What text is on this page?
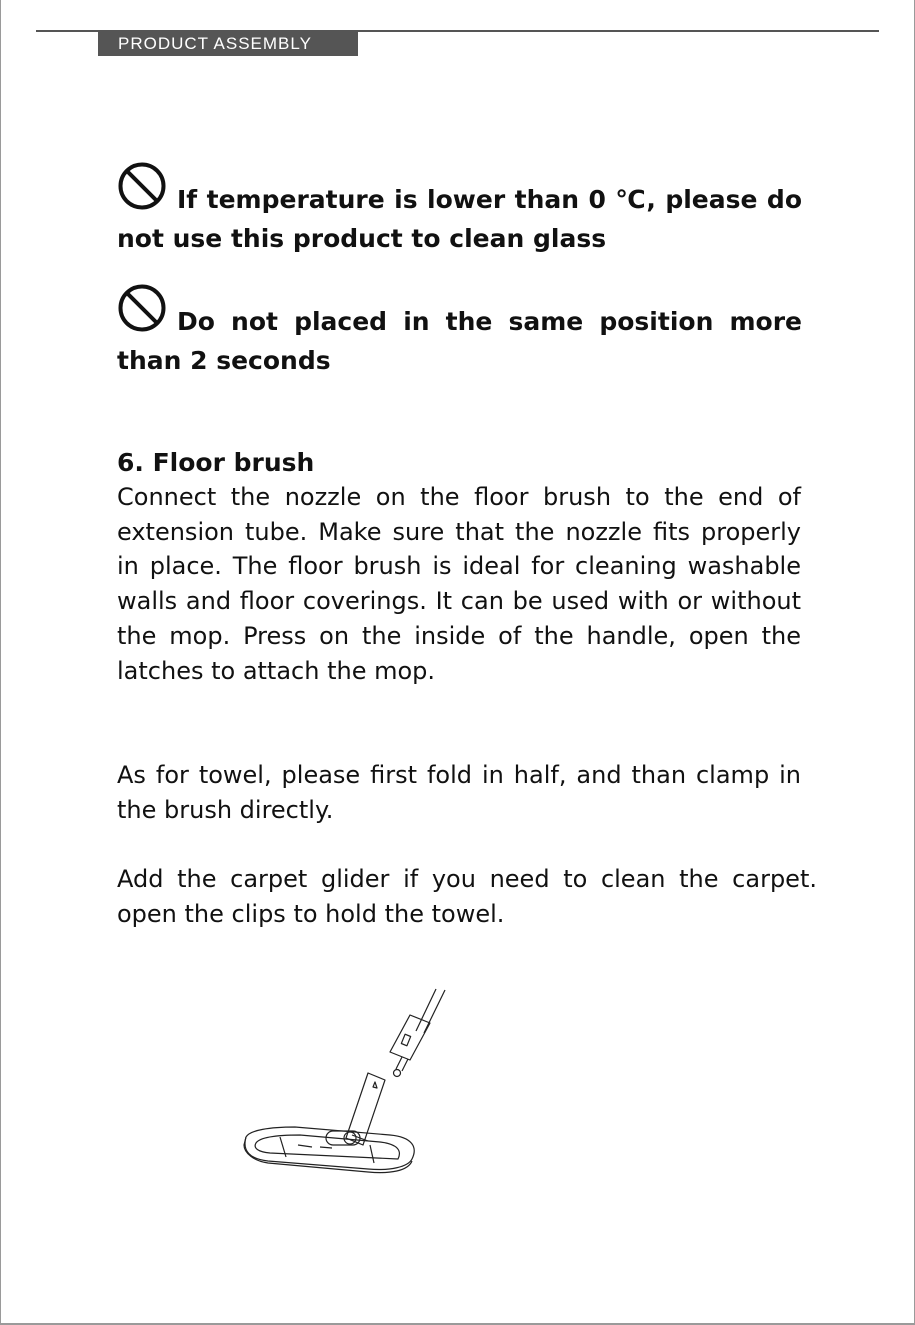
PRODUCT ASSEMBLY
If temperature is lower than 0 ℃, please do not use this product to clean glass
Do not placed in the same position more than 2 seconds
6. Floor brush
Connect the nozzle on the floor brush to the end of extension tube. Make sure that the nozzle fits properly in place. The floor brush is ideal for cleaning washable walls and floor coverings. It can be used with or without the mop. Press on the inside of the handle, open the latches to attach the mop.
As for towel, please first fold in half, and than clamp in the brush directly.
Add the carpet glider if you need to clean the carpet. open the clips to hold the towel.
